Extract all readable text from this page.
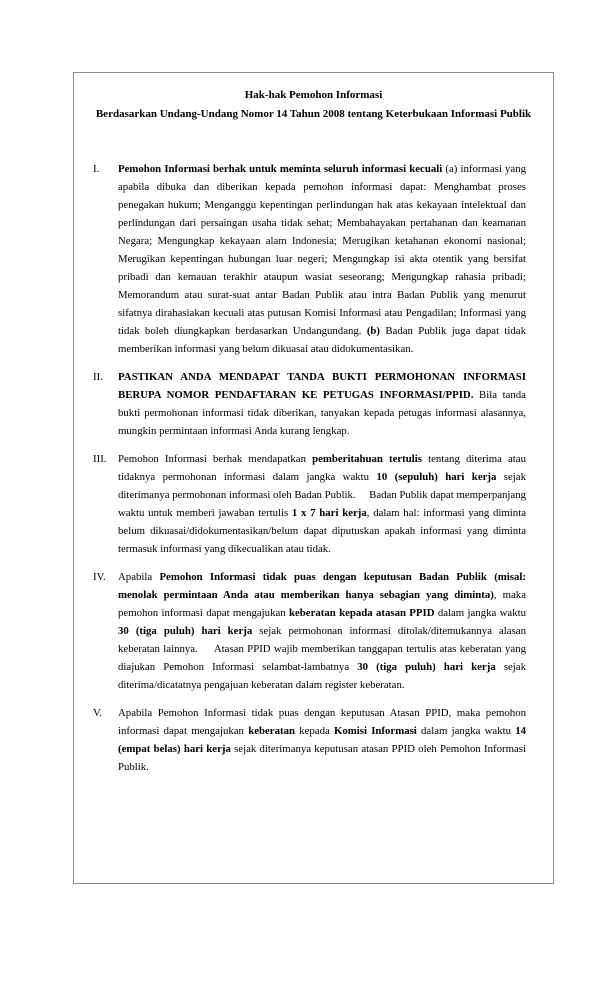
Hak-hak Pemohon Informasi
Berdasarkan Undang-Undang Nomor 14 Tahun 2008 tentang Keterbukaan Informasi Publik
I.	Pemohon Informasi berhak untuk meminta seluruh informasi kecuali (a) informasi yang apabila dibuka dan diberikan kepada pemohon informasi dapat: Menghambat proses penegakan hukum; Menganggu kepentingan perlindungan hak atas kekayaan intelektual dan perlindungan dari persaingan usaha tidak sehat; Membahayakan pertahanan dan keamanan Negara; Mengungkap kekayaan alam Indonesia; Merugikan ketahanan ekonomi nasional; Merugikan kepentingan hubungan luar negeri; Mengungkap isi akta otentik yang bersifat pribadi dan kemauan terakhir ataupun wasiat seseorang; Mengungkap rahasia pribadi; Memorandum atau surat-suat antar Badan Publik atau intra Badan Publik yang menurut sifatnya dirahasiakan kecuali atas putusan Komisi Informasi atau Pengadilan; Informasi yang tidak boleh diungkapkan berdasarkan Undangundang. (b) Badan Publik juga dapat tidak memberikan informasi yang belum dikuasai atau didokumentasikan.
II.	PASTIKAN ANDA MENDAPAT TANDA BUKTI PERMOHONAN INFORMASI BERUPA NOMOR PENDAFTARAN KE PETUGAS INFORMASI/PPID. Bila tanda bukti permohonan informasi tidak diberikan, tanyakan kepada petugas informasi alasannya, mungkin permintaan informasi Anda kurang lengkap.
III.	Pemohon Informasi berhak mendapatkan pemberitahuan tertulis tentang diterima atau tidaknya permohonan informasi dalam jangka waktu 10 (sepuluh) hari kerja sejak diterimanya permohonan informasi oleh Badan Publik.     Badan Publik dapat memperpanjang waktu untuk memberi jawaban tertulis 1 x 7 hari kerja, dalam hal: informasi yang diminta belum dikuasai/didokumentasikan/belum dapat diputuskan apakah informasi yang diminta termasuk informasi yang dikecualikan atau tidak.
IV.	Apabila Pemohon Informasi tidak puas dengan keputusan Badan Publik (misal: menolak permintaan Anda atau memberikan hanya sebagian yang diminta), maka pemohon informasi dapat mengajukan keberatan kepada atasan PPID dalam jangka waktu 30 (tiga puluh) hari kerja sejak permohonan informasi ditolak/ditemukannya alasan keberatan lainnya.     Atasan PPID wajib memberikan tanggapan tertulis atas keberatan yang diajukan Pemohon Informasi selambat-lambatnya 30 (tiga puluh) hari kerja sejak diterima/dicatatnya pengajuan keberatan dalam register keberatan.
V.	Apabila Pemohon Informasi tidak puas dengan keputusan Atasan PPID, maka pemohon informasi dapat mengajukan keberatan kepada Komisi Informasi dalam jangka waktu 14 (empat belas) hari kerja sejak diterimanya keputusan atasan PPID oleh Pemohon Informasi Publik.
